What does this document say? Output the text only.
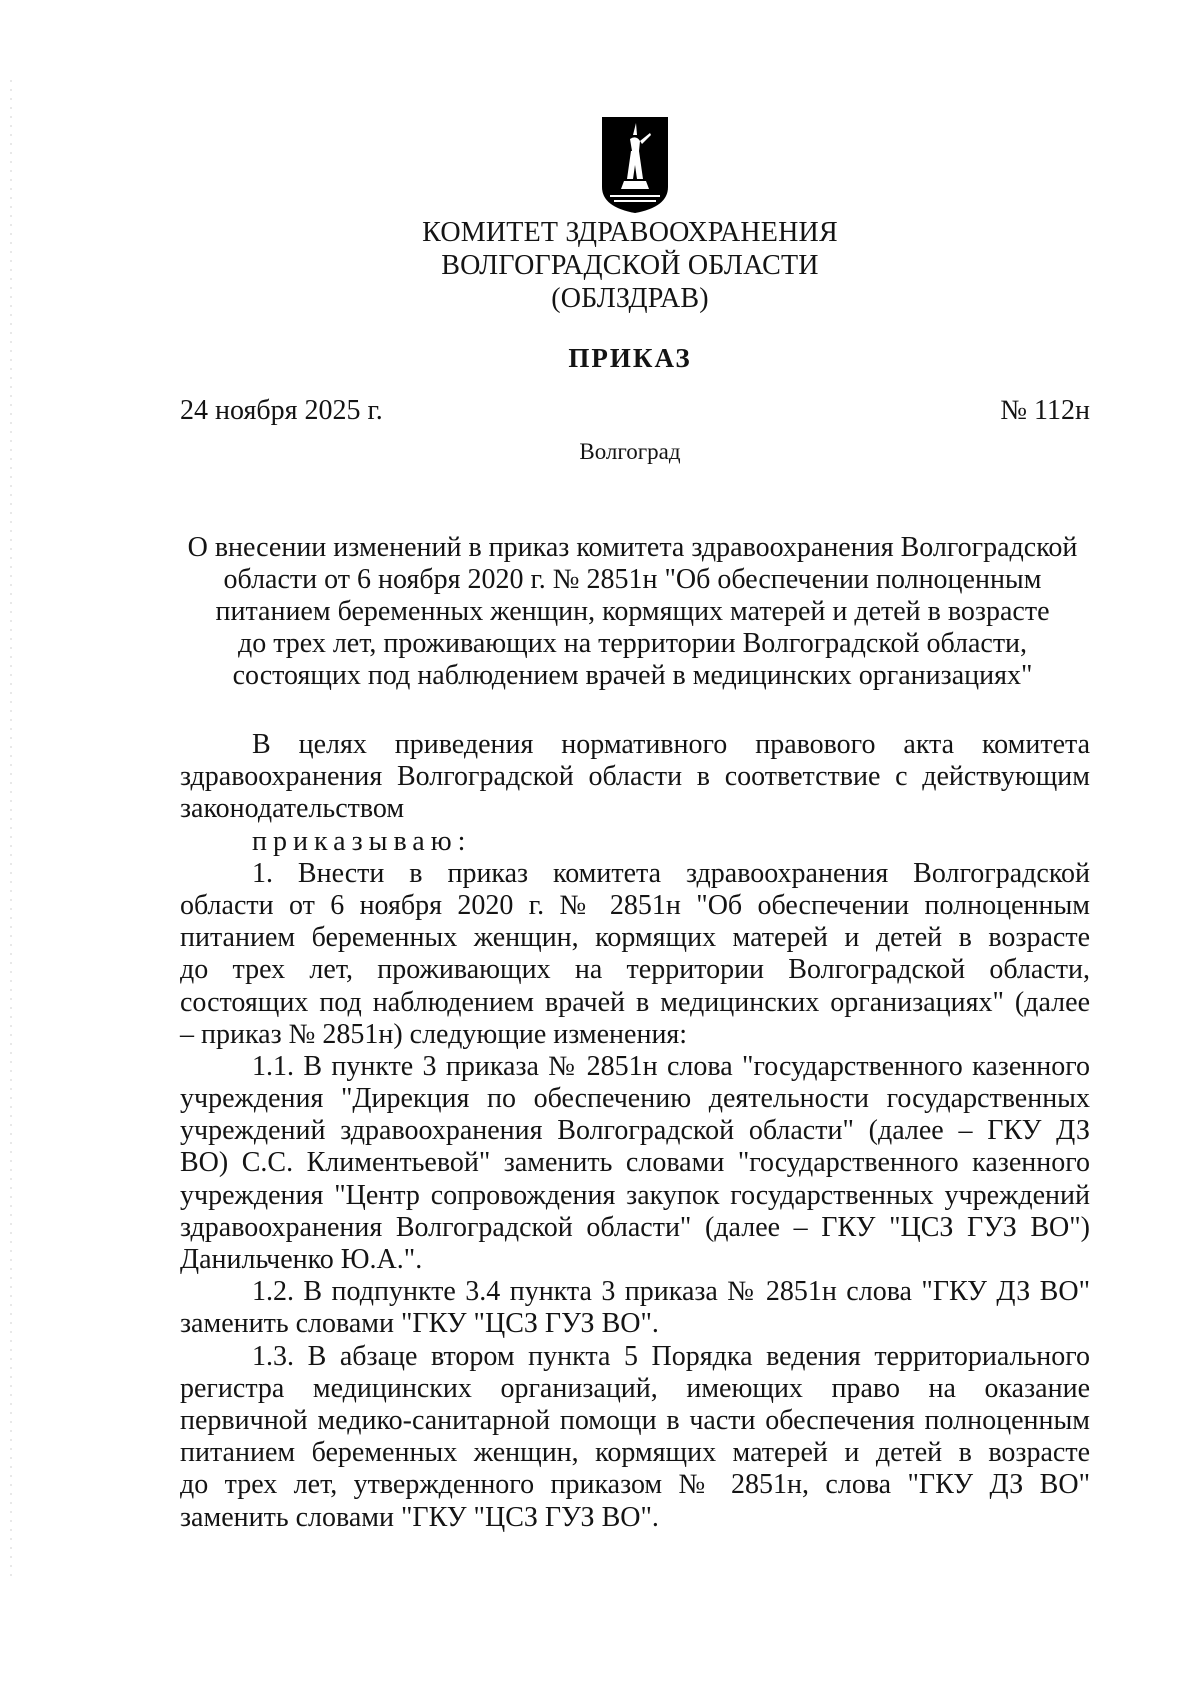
КОМИТЕТ ЗДРАВООХРАНЕНИЯ
ВОЛГОГРАДСКОЙ ОБЛАСТИ
(ОБЛЗДРАВ)
ПРИКАЗ
24 ноября 2025 г.	№ 112н
Волгоград
О внесении изменений в приказ комитета здравоохранения Волгоградской
области от 6 ноября 2020 г. № 2851н "Об обеспечении полноценным
питанием беременных женщин, кормящих матерей и детей в возрасте
до трех лет, проживающих на территории Волгоградской области,
состоящих под наблюдением врачей в медицинских организациях"
В целях приведения нормативного правового акта комитета
здравоохранения Волгоградской области в соответствие с действующим
законодательством
приказываю:
1. Внести в приказ комитета здравоохранения Волгоградской
области от 6 ноября 2020 г. № 2851н "Об обеспечении полноценным
питанием беременных женщин, кормящих матерей и детей в возрасте
до трех лет, проживающих на территории Волгоградской области,
состоящих под наблюдением врачей в медицинских организациях" (далее
– приказ № 2851н) следующие изменения:
1.1. В пункте 3 приказа № 2851н слова "государственного казенного
учреждения "Дирекция по обеспечению деятельности государственных
учреждений здравоохранения Волгоградской области" (далее – ГКУ ДЗ
ВО) С.С. Климентьевой" заменить словами "государственного казенного
учреждения "Центр сопровождения закупок государственных учреждений
здравоохранения Волгоградской области" (далее – ГКУ "ЦСЗ ГУЗ ВО")
Данильченко Ю.А.".
1.2. В подпункте 3.4 пункта 3 приказа № 2851н слова "ГКУ ДЗ ВО"
заменить словами "ГКУ "ЦСЗ ГУЗ ВО".
1.3. В абзаце втором пункта 5 Порядка ведения территориального
регистра медицинских организаций, имеющих право на оказание
первичной медико-санитарной помощи в части обеспечения полноценным
питанием беременных женщин, кормящих матерей и детей в возрасте
до трех лет, утвержденного приказом № 2851н, слова "ГКУ ДЗ ВО"
заменить словами "ГКУ "ЦСЗ ГУЗ ВО".
